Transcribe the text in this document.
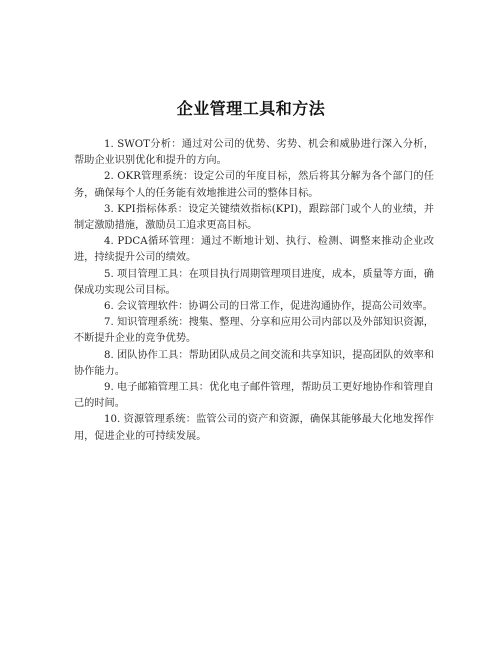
企业管理工具和方法

1. SWOT分析：通过对公司的优势、劣势、机会和威胁进行深入分析，帮助企业识别优化和提升的方向。

2. OKR管理系统：设定公司的年度目标，然后将其分解为各个部门的任务，确保每个人的任务能有效地推进公司的整体目标。

3. KPI指标体系：设定关键绩效指标(KPI)，跟踪部门或个人的业绩，并制定激励措施，激励员工追求更高目标。

4. PDCA循环管理：通过不断地计划、执行、检测、调整来推动企业改进，持续提升公司的绩效。

5. 项目管理工具：在项目执行周期管理项目进度，成本，质量等方面，确保成功实现公司目标。

6. 会议管理软件：协调公司的日常工作，促进沟通协作，提高公司效率。

7. 知识管理系统：搜集、整理、分享和应用公司内部以及外部知识资源，不断提升企业的竞争优势。

8. 团队协作工具：帮助团队成员之间交流和共享知识，提高团队的效率和协作能力。

9. 电子邮箱管理工具：优化电子邮件管理，帮助员工更好地协作和管理自己的时间。

10. 资源管理系统：监管公司的资产和资源，确保其能够最大化地发挥作用，促进企业的可持续发展。
